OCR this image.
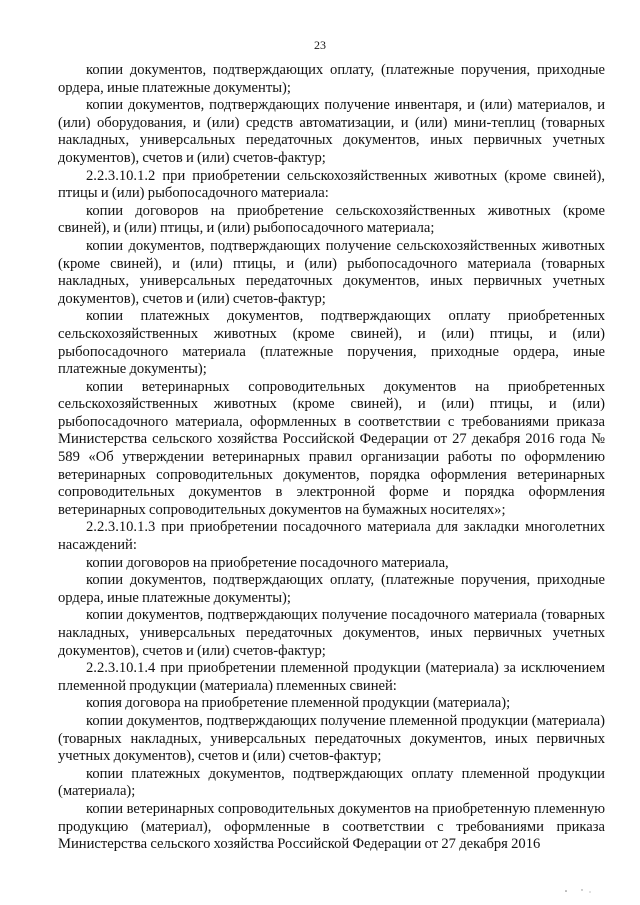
23

копии документов, подтверждающих оплату, (платежные поручения, приходные ордера, иные платежные документы);

копии документов, подтверждающих получение инвентаря, и (или) материалов, и (или) оборудования, и (или) средств автоматизации, и (или) мини-теплиц (товарных накладных, универсальных передаточных документов, иных первичных учетных документов), счетов и (или) счетов-фактур;

2.2.3.10.1.2 при приобретении сельскохозяйственных животных (кроме свиней), птицы и (или) рыбопосадочного материала:

копии договоров на приобретение сельскохозяйственных животных (кроме свиней), и (или) птицы, и (или) рыбопосадочного материала;

копии документов, подтверждающих получение сельскохозяйственных животных (кроме свиней), и (или) птицы, и (или) рыбопосадочного материала (товарных накладных, универсальных передаточных документов, иных первичных учетных документов), счетов и (или) счетов-фактур;

копии платежных документов, подтверждающих оплату приобретенных сельскохозяйственных животных (кроме свиней), и (или) птицы, и (или) рыбопосадочного материала (платежные поручения, приходные ордера, иные платежные документы);

копии ветеринарных сопроводительных документов на приобретенных сельскохозяйственных животных (кроме свиней), и (или) птицы, и (или) рыбопосадочного материала, оформленных в соответствии с требованиями приказа Министерства сельского хозяйства Российской Федерации от 27 декабря 2016 года № 589 «Об утверждении ветеринарных правил организации работы по оформлению ветеринарных сопроводительных документов, порядка оформления ветеринарных сопроводительных документов в электронной форме и порядка оформления ветеринарных сопроводительных документов на бумажных носителях»;

2.2.3.10.1.3 при приобретении посадочного материала для закладки многолетних насаждений:

копии договоров на приобретение посадочного материала,

копии документов, подтверждающих оплату, (платежные поручения, приходные ордера, иные платежные документы);

копии документов, подтверждающих получение посадочного материала (товарных накладных, универсальных передаточных документов, иных первичных учетных документов), счетов и (или) счетов-фактур;

2.2.3.10.1.4 при приобретении племенной продукции (материала) за исключением племенной продукции (материала) племенных свиней:

копия договора на приобретение племенной продукции (материала);

копии документов, подтверждающих получение племенной продукции (материала) (товарных накладных, универсальных передаточных документов, иных первичных учетных документов), счетов и (или) счетов-фактур;

копии платежных документов, подтверждающих оплату племенной продукции (материала);

копии ветеринарных сопроводительных документов на приобретенную племенную продукцию (материал), оформленные в соответствии с требованиями приказа Министерства сельского хозяйства Российской Федерации от 27 декабря 2016
